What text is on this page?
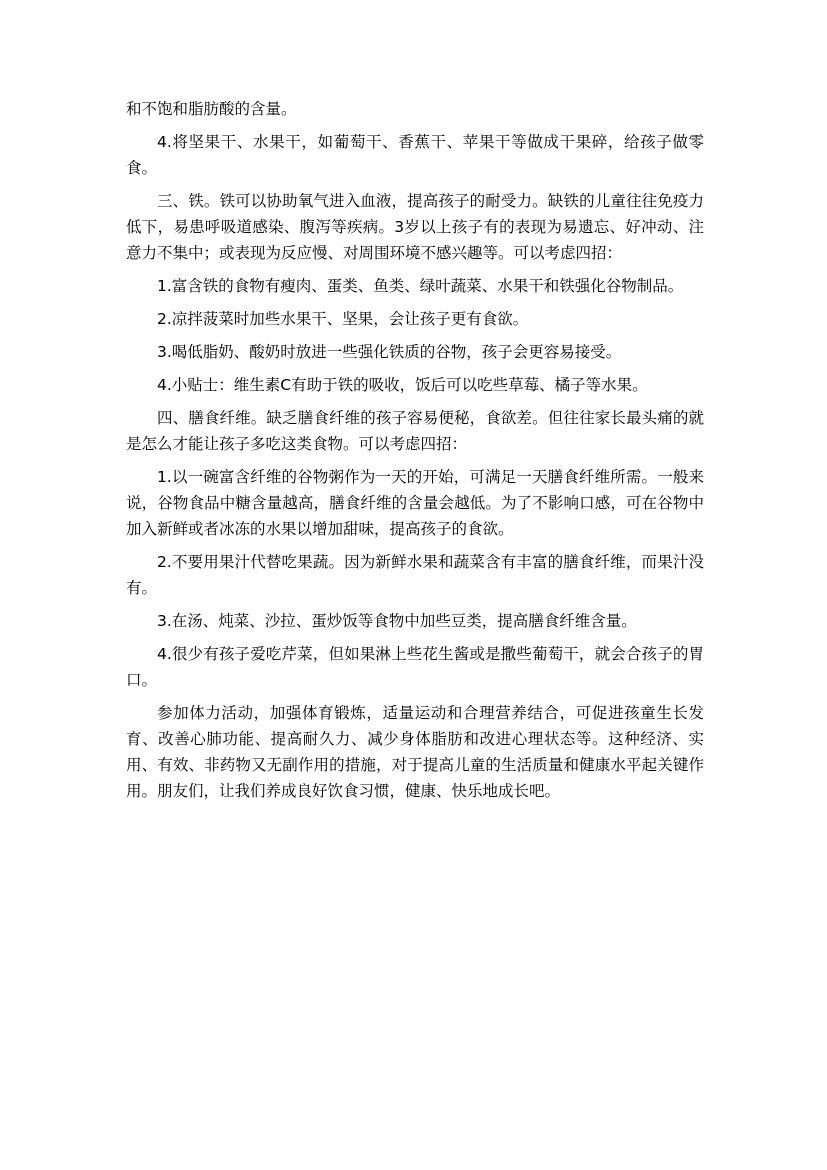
和不饱和脂肪酸的含量。

4.将坚果干、水果干，如葡萄干、香蕉干、苹果干等做成干果碎，给孩子做零食。

三、铁。铁可以协助氧气进入血液，提高孩子的耐受力。缺铁的儿童往往免疫力低下，易患呼吸道感染、腹泻等疾病。3岁以上孩子有的表现为易遗忘、好冲动、注意力不集中；或表现为反应慢、对周围环境不感兴趣等。可以考虑四招：

1.富含铁的食物有瘦肉、蛋类、鱼类、绿叶蔬菜、水果干和铁强化谷物制品。

2.凉拌菠菜时加些水果干、坚果，会让孩子更有食欲。

3.喝低脂奶、酸奶时放进一些强化铁质的谷物，孩子会更容易接受。

4.小贴士：维生素C有助于铁的吸收，饭后可以吃些草莓、橘子等水果。

四、膳食纤维。缺乏膳食纤维的孩子容易便秘，食欲差。但往往家长最头痛的就是怎么才能让孩子多吃这类食物。可以考虑四招：

1.以一碗富含纤维的谷物粥作为一天的开始，可满足一天膳食纤维所需。一般来说，谷物食品中糖含量越高，膳食纤维的含量会越低。为了不影响口感，可在谷物中加入新鲜或者冰冻的水果以增加甜味，提高孩子的食欲。

2.不要用果汁代替吃果蔬。因为新鲜水果和蔬菜含有丰富的膳食纤维，而果汁没有。

3.在汤、炖菜、沙拉、蛋炒饭等食物中加些豆类，提高膳食纤维含量。

4.很少有孩子爱吃芹菜，但如果淋上些花生酱或是撒些葡萄干，就会合孩子的胃口。

参加体力活动，加强体育锻炼，适量运动和合理营养结合，可促进孩童生长发育、改善心肺功能、提高耐久力、减少身体脂肪和改进心理状态等。这种经济、实用、有效、非药物又无副作用的措施，对于提高儿童的生活质量和健康水平起关键作用。朋友们，让我们养成良好饮食习惯，健康、快乐地成长吧。
